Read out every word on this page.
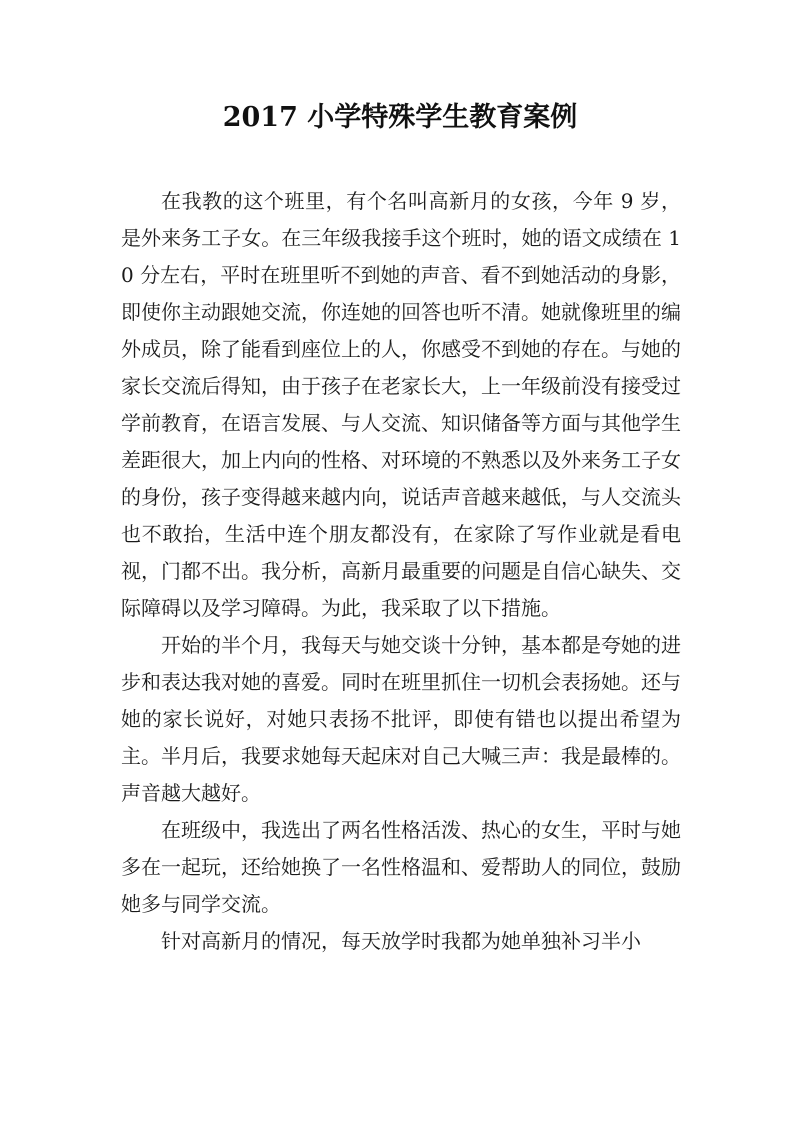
2017 小学特殊学生教育案例

在我教的这个班里，有个名叫高新月的女孩，今年 9 岁，是外来务工子女。在三年级我接手这个班时，她的语文成绩在 10 分左右，平时在班里听不到她的声音、看不到她活动的身影，即使你主动跟她交流，你连她的回答也听不清。她就像班里的编外成员，除了能看到座位上的人，你感受不到她的存在。与她的家长交流后得知，由于孩子在老家长大，上一年级前没有接受过学前教育，在语言发展、与人交流、知识储备等方面与其他学生差距很大，加上内向的性格、对环境的不熟悉以及外来务工子女的身份，孩子变得越来越内向，说话声音越来越低，与人交流头也不敢抬，生活中连个朋友都没有，在家除了写作业就是看电视，门都不出。我分析，高新月最重要的问题是自信心缺失、交际障碍以及学习障碍。为此，我采取了以下措施。

开始的半个月，我每天与她交谈十分钟，基本都是夸她的进步和表达我对她的喜爱。同时在班里抓住一切机会表扬她。还与她的家长说好，对她只表扬不批评，即使有错也以提出希望为主。半月后，我要求她每天起床对自己大喊三声：我是最棒的。声音越大越好。

在班级中，我选出了两名性格活泼、热心的女生，平时与她多在一起玩，还给她换了一名性格温和、爱帮助人的同位，鼓励她多与同学交流。

针对高新月的情况，每天放学时我都为她单独补习半小
